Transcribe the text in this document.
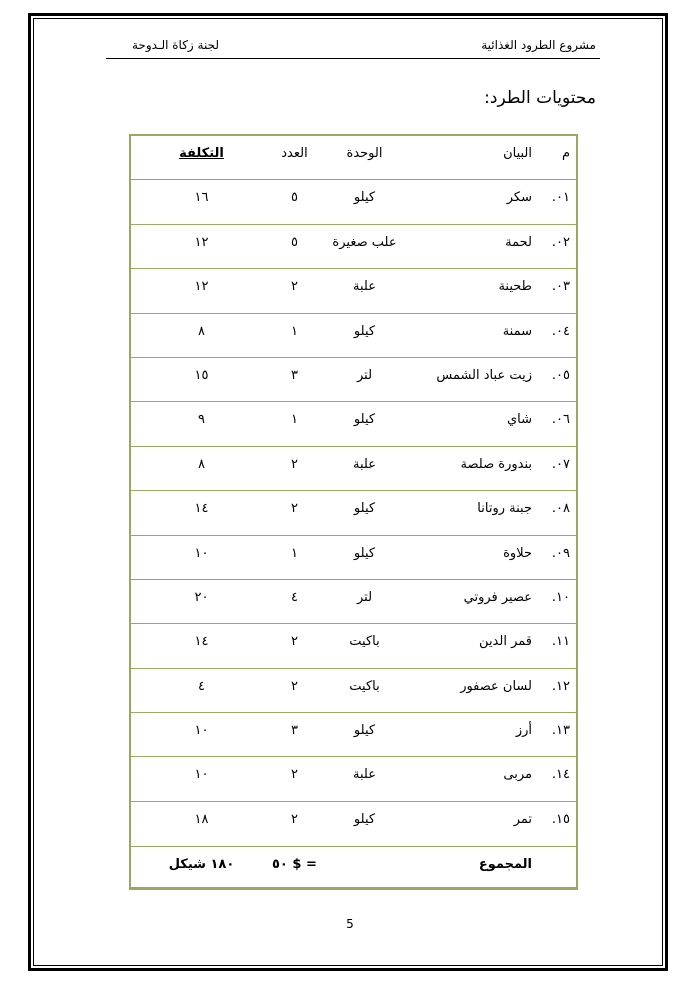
لجنة زكاة الـدوحة	مشروع الطرود الغذائية
محتويات الطرد:
م
البيان
الوحدة
العدد
التكلفة
٠١.
سكر
كيلو
٥
١٦
٠٢.
لحمة
علب صغيرة
٥
١٢
٠٣.
طحينة
علبة
٢
١٢
٠٤.
سمنة
كيلو
١
٨
٠٥.
زيت عباد الشمس
لتر
٣
١٥
٠٦.
شاي
كيلو
١
٩
٠٧.
بندورة صلصة
علبة
٢
٨
٠٨.
جبنة روتانا
كيلو
٢
١٤
٠٩.
حلاوة
كيلو
١
١٠
١٠.
عصير فروتي
لتر
٤
٢٠
١١.
قمر الدين
باكيت
٢
١٤
١٢.
لسان عصفور
باكيت
٢
٤
١٣.
أرز
كيلو
٣
١٠
١٤.
مربى
علبة
٢
١٠
١٥.
تمر
كيلو
٢
١٨
المجموع
٥٠ $ =
١٨٠ شيكل
5
